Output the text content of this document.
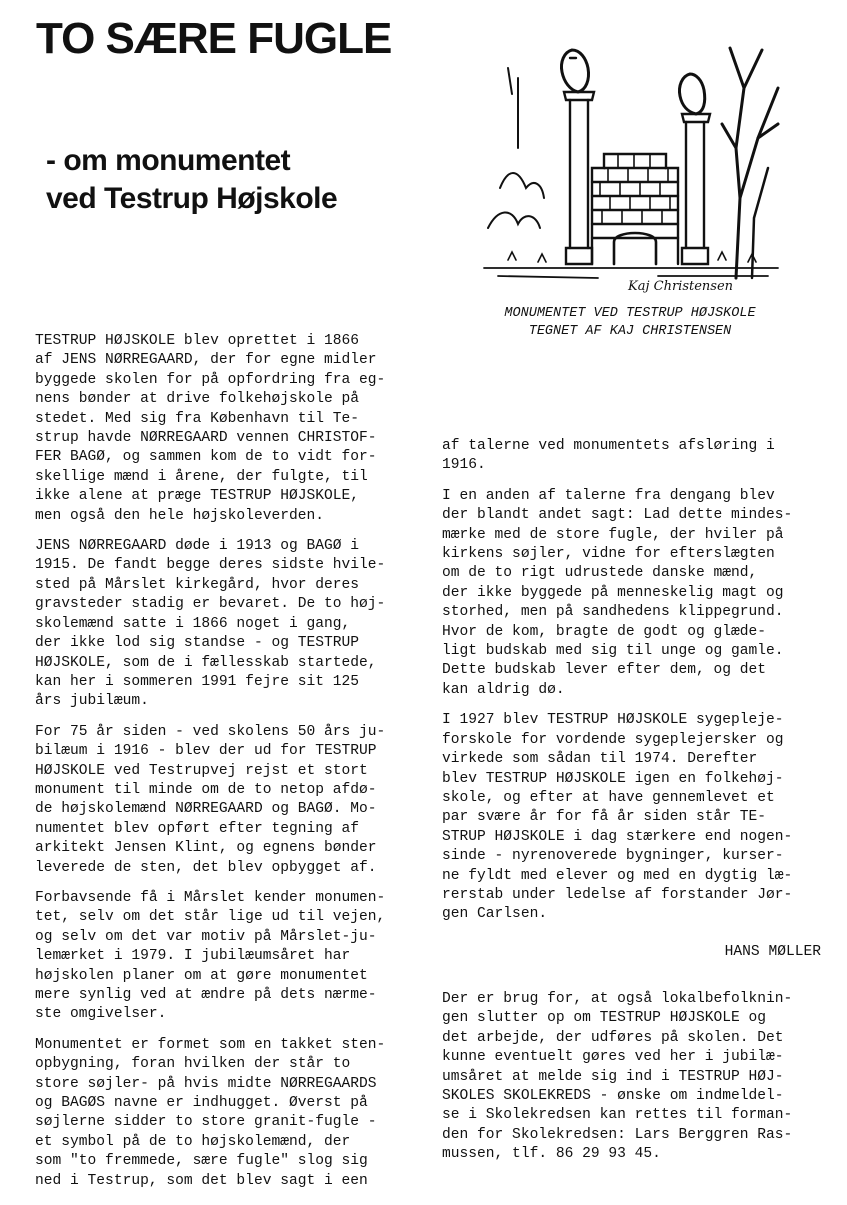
TO SÆRE FUGLE
- om monumentet
ved Testrup Højskole
Kaj Christensen
MONUMENTET VED TESTRUP HØJSKOLE
TEGNET AF KAJ CHRISTENSEN

TESTRUP HØJSKOLE blev oprettet i 1866
af JENS NØRREGAARD, der for egne midler
byggede skolen for på opfordring fra eg-
nens bønder at drive folkehøjskole på
stedet. Med sig fra København til Te-
strup havde NØRREGAARD vennen CHRISTOF-
FER BAGØ, og sammen kom de to vidt for-
skellige mænd i årene, der fulgte, til
ikke alene at præge TESTRUP HØJSKOLE,
men også den hele højskoleverden.

JENS NØRREGAARD døde i 1913 og BAGØ i
1915. De fandt begge deres sidste hvile-
sted på Mårslet kirkegård, hvor deres
gravsteder stadig er bevaret. De to høj-
skolemænd satte i 1866 noget i gang,
der ikke lod sig standse - og TESTRUP
HØJSKOLE, som de i fællesskab startede,
kan her i sommeren 1991 fejre sit 125
års jubilæum.

For 75 år siden - ved skolens 50 års ju-
bilæum i 1916 - blev der ud for TESTRUP
HØJSKOLE ved Testrupvej rejst et stort
monument til minde om de to netop afdø-
de højskolemænd NØRREGAARD og BAGØ. Mo-
numentet blev opført efter tegning af
arkitekt Jensen Klint, og egnens bønder
leverede de sten, det blev opbygget af.

Forbavsende få i Mårslet kender monumen-
tet, selv om det står lige ud til vejen,
og selv om det var motiv på Mårslet-ju-
lemærket i 1979. I jubilæumsåret har
højskolen planer om at gøre monumentet
mere synlig ved at ændre på dets nærme-
ste omgivelser.

Monumentet er formet som en takket sten-
opbygning, foran hvilken der står to
store søjler- på hvis midte NØRREGAARDS
og BAGØS navne er indhugget. Øverst på
søjlerne sidder to store granit-fugle -
et symbol på de to højskolemænd, der
som "to fremmede, sære fugle" slog sig
ned i Testrup, som det blev sagt i een

af talerne ved monumentets afsløring i
1916.

I en anden af talerne fra dengang blev
der blandt andet sagt: Lad dette mindes-
mærke med de store fugle, der hviler på
kirkens søjler, vidne for efterslægten
om de to rigt udrustede danske mænd,
der ikke byggede på menneskelig magt og
storhed, men på sandhedens klippegrund.
Hvor de kom, bragte de godt og glæde-
ligt budskab med sig til unge og gamle.
Dette budskab lever efter dem, og det
kan aldrig dø.

I 1927 blev TESTRUP HØJSKOLE sygepleje-
forskole for vordende sygeplejersker og
virkede som sådan til 1974. Derefter
blev TESTRUP HØJSKOLE igen en folkehøj-
skole, og efter at have gennemlevet et
par svære år for få år siden står TE-
STRUP HØJSKOLE i dag stærkere end nogen-
sinde - nyrenoverede bygninger, kurser-
ne fyldt med elever og med en dygtig læ-
rerstab under ledelse af forstander Jør-
gen Carlsen.

HANS MØLLER

Der er brug for, at også lokalbefolknin-
gen slutter op om TESTRUP HØJSKOLE og
det arbejde, der udføres på skolen. Det
kunne eventuelt gøres ved her i jubilæ-
umsåret at melde sig ind i TESTRUP HØJ-
SKOLES SKOLEKREDS - ønske om indmeldel-
se i Skolekredsen kan rettes til forman-
den for Skolekredsen: Lars Berggren Ras-
mussen, tlf. 86 29 93 45.
